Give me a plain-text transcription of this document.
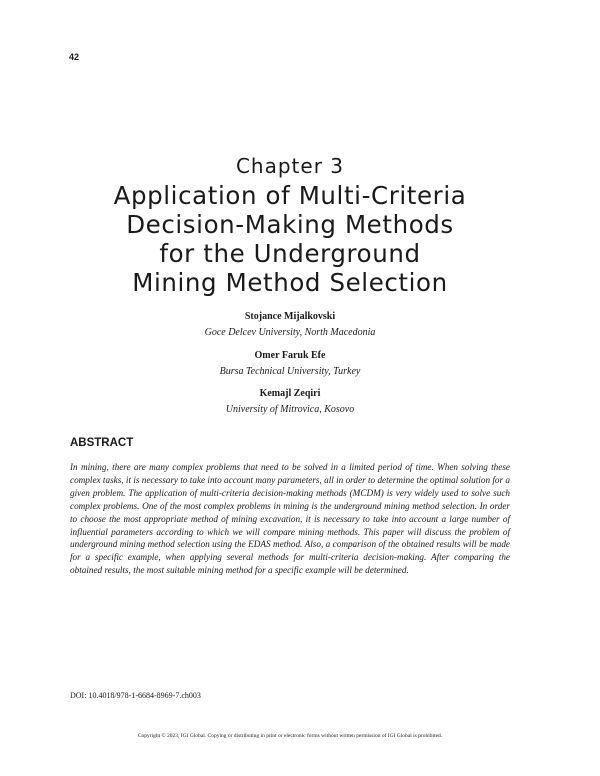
42
Chapter 3
Application of Multi-Criteria
Decision-Making Methods
for the Underground
Mining Method Selection
Stojance Mijalkovski
Goce Delcev University, North Macedonia
Omer Faruk Efe
Bursa Technical University, Turkey
Kemajl Zeqiri
University of Mitrovica, Kosovo
ABSTRACT

In mining, there are many complex problems that need to be solved in a limited period of time. When solving these complex tasks, it is necessary to take into account many parameters, all in order to determine the optimal solution for a given problem. The application of multi-criteria decision-making methods (MCDM) is very widely used to solve such complex problems. One of the most complex problems in mining is the underground mining method selection. In order to choose the most appropriate method of mining excavation, it is necessary to take into account a large number of influential parameters according to which we will compare mining methods. This paper will discuss the problem of underground mining method selection using the EDAS method. Also, a comparison of the obtained results will be made for a specific example, when applying several methods for multi-criteria decision-making. After comparing the obtained results, the most suitable mining method for a specific example will be determined.

DOI: 10.4018/978-1-6684-8969-7.ch003
Copyright © 2023, IGI Global. Copying or distributing in print or electronic forms without written permission of IGI Global is prohibited.
